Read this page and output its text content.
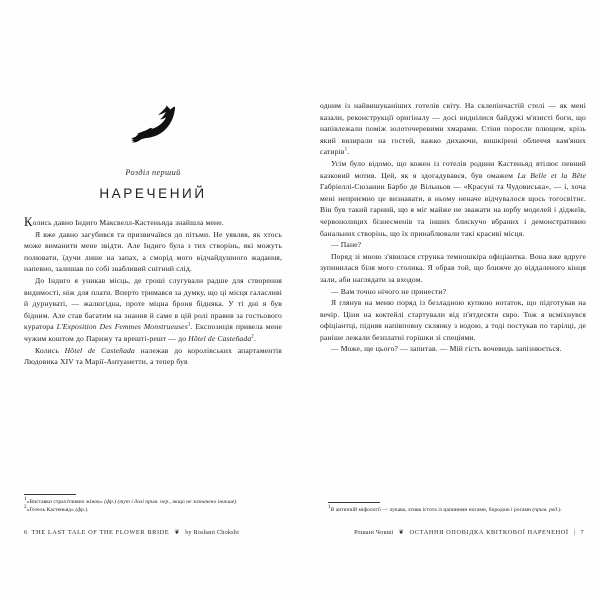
Розділ перший
НАРЕЧЕНИЙ

Колись давно Індиго Максвелл-Кастеньяда знайшла мене.

Я вже давно загубився та призвичаївся до пітьми. Не уявляв, як хтось може виманити мене звідти. Але Індиго була з тих створінь, які можуть полювати, їдучи лише на запах, а сморід мого відчайдушного жадання, напевно, залишав по собі звабливий снітний слід.

До Індиго я уникав місць, де гроші слугували радше для створення видимості, ніж для плати. Вперто тримався за думку, що ці місця галасливі й дурнуваті, — жалюгідна, проте міцна броня бідняка. У ті дні я був бідним. Але став багатим на знання й саме в цій ролі правив за гостьового куратора L'Exposition Des Femmes Monstrueuses$^1$. Експозиція привела мене чужим коштом до Парижу та врешті-решт — до Hôtel de Casteñada$^2$.

Колись Hôtel de Casteñada належав до королівських апартаментів Людовика XIV та Марії-Антуанетти, а тепер був

$^1$«Виставки страхітливих жінок» (фр.) (тут і далі прим. пер., якщо не зазначено інакше).

$^2$«Готель Кастеньяд» (фр.).

6 THE LAST TALE OF THE FLOWER BRIDE ❦ by Roshani Chokshi

одним із найвишуканіших готелів світу. На склепінчастій стелі — як мені казали, реконструкції оригіналу — досі виднілися байдужі м'язисті боги, що напівлежали поміж золоточеревими хмарами. Стіни поросли плющем, крізь який визирали на гостей, важко дихаючи, вишкірені обличчя кам'яних сатирів$^1$.

Усім було відомо, що кожен із готелів родини Кастеньяд втілює певний казковий мотив. Цей, як я здогадувався, був омажем La Belle et la Bête Габріеллі-Сюзанни Барбо де Вільньов — «Красуні та Чудовиська», — і, хоча мені неприємно це визнавати, в ньому неначе відчувалося щось тогосвітнє. Він був такий гарний, що я міг майже не зважати на юрбу моделей і діджеїв, червонолицих бізнесменів та інших блискучо вбраних і демонстративно банальних створінь, що їх принаблювали такі красиві місця.

— Пане?

Поряд зі мною з'явилася струнка темношкіра офіціантка. Вона вже вдруге зупинилася біля мого столика. Я обрав той, що ближче до віддаленого кінця зали, аби наглядати за входом.

— Вам точно нічого не принести?

Я глянув на меню поряд із безладною купкою нотаток, що підготував на вечір. Ціни на коктейлі стартували від п'ятдесяти євро. Тож я всміхнувся офіціантці, підняв напівповну склянку з водою, а тоді постукав по тарілці, де раніше лежали безплатні горішки зі спеціями.

— Може, ще цього? — запитав. — Мій гість вочевидь запізнюється.

$^1$В античній міфології — лукава, хтива істота із цапиними ногами, бородою і рогами (прим. ред.).

Рошані Чокші ❦ ОСТАННЯ ОПОВІДКА КВІТКОВОЇ НАРЕЧЕНОЇ | 7
